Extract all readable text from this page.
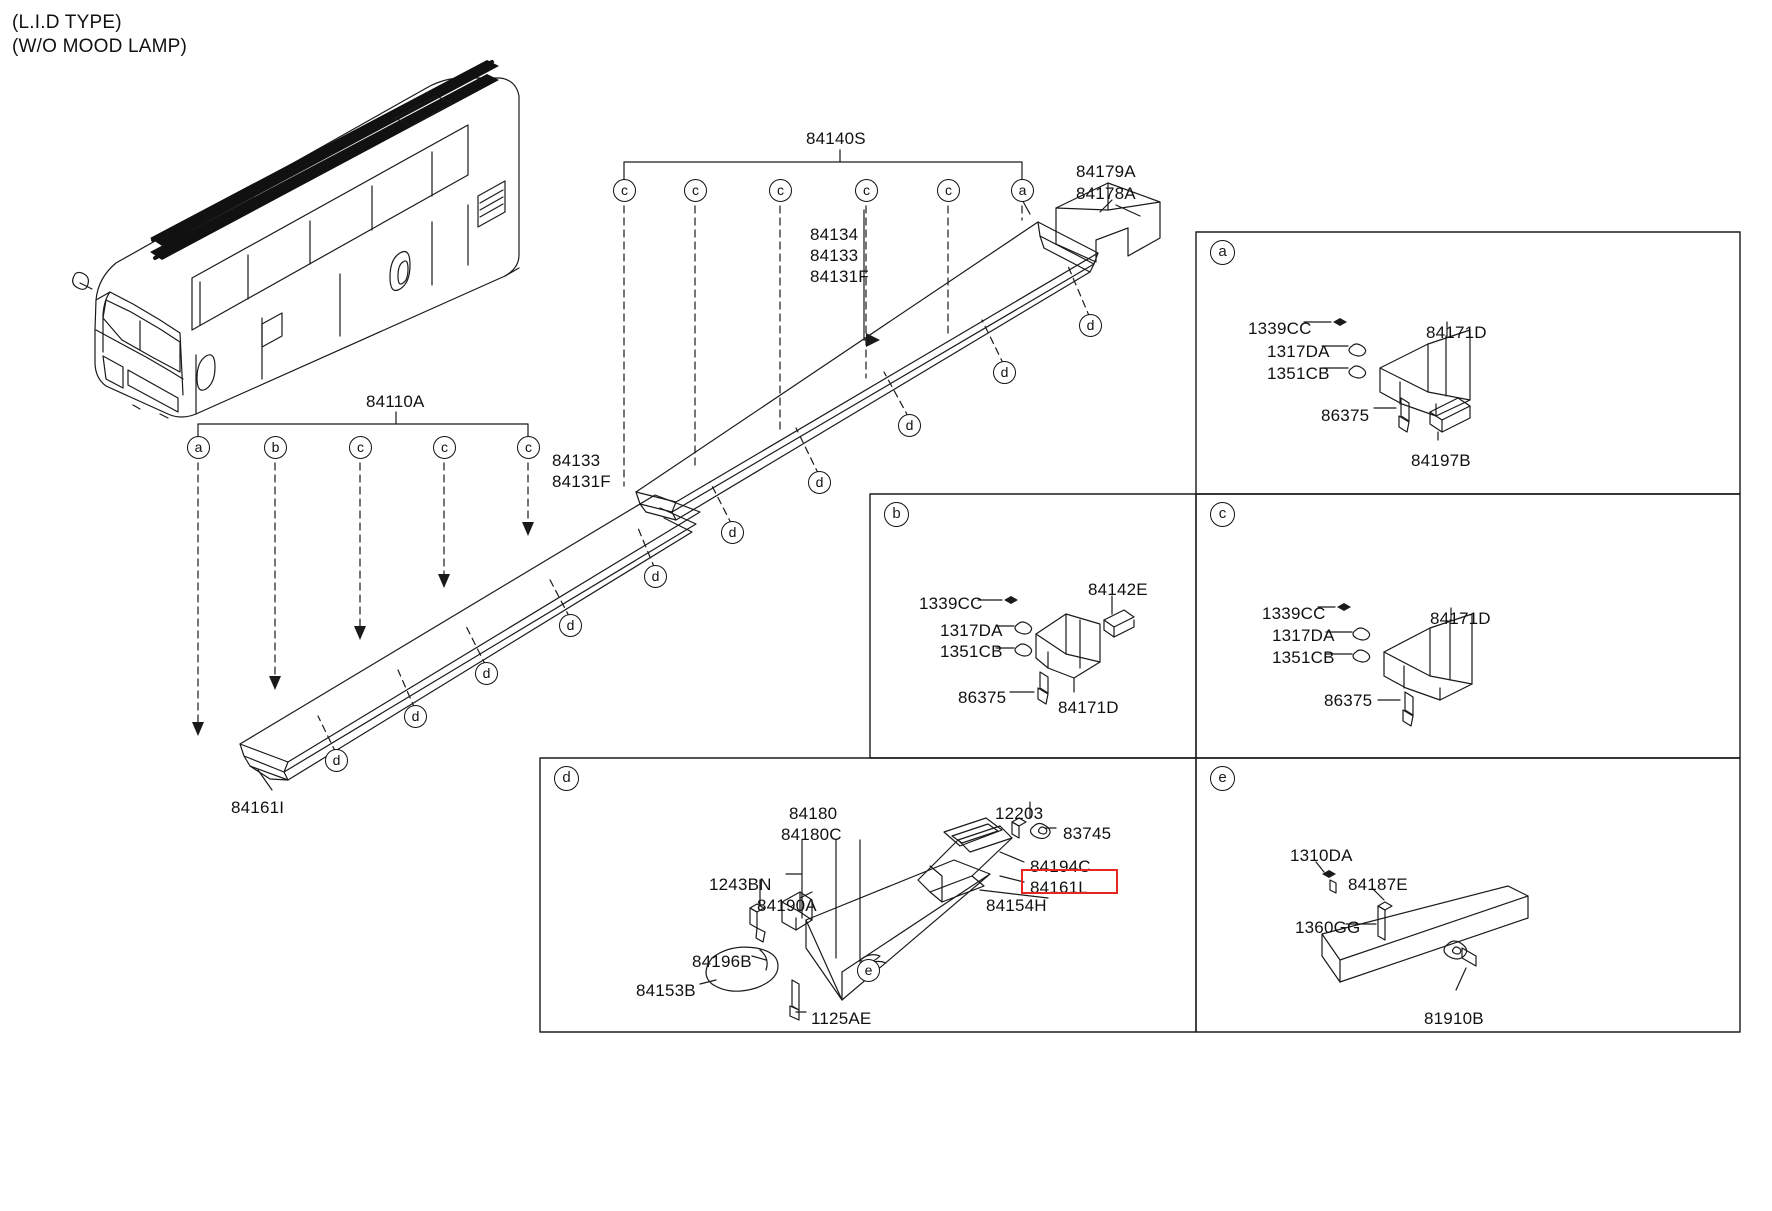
(L.I.D TYPE)
(W/O MOOD LAMP)
84140S
84134
84133
84131F
84179A
84178A
84110A
84133
84131F
84161I
a
b	c
d	e
c	c	c	c	c	a
d
d
d
d
d
d
d
d
d
d
a	b	c	c	c
1339CC
1317DA
1351CB
86375
84171D
84197B
1339CC
1317DA
1351CB
86375
84142E
84171D
1339CC
1317DA
1351CB
86375
84171D
84180
84180C
1243BN
84190A
84196B
84153B
1125AE
12203
83745
84194C
84161L
84154H
e
1310DA
84187E
1360GG
81910B
